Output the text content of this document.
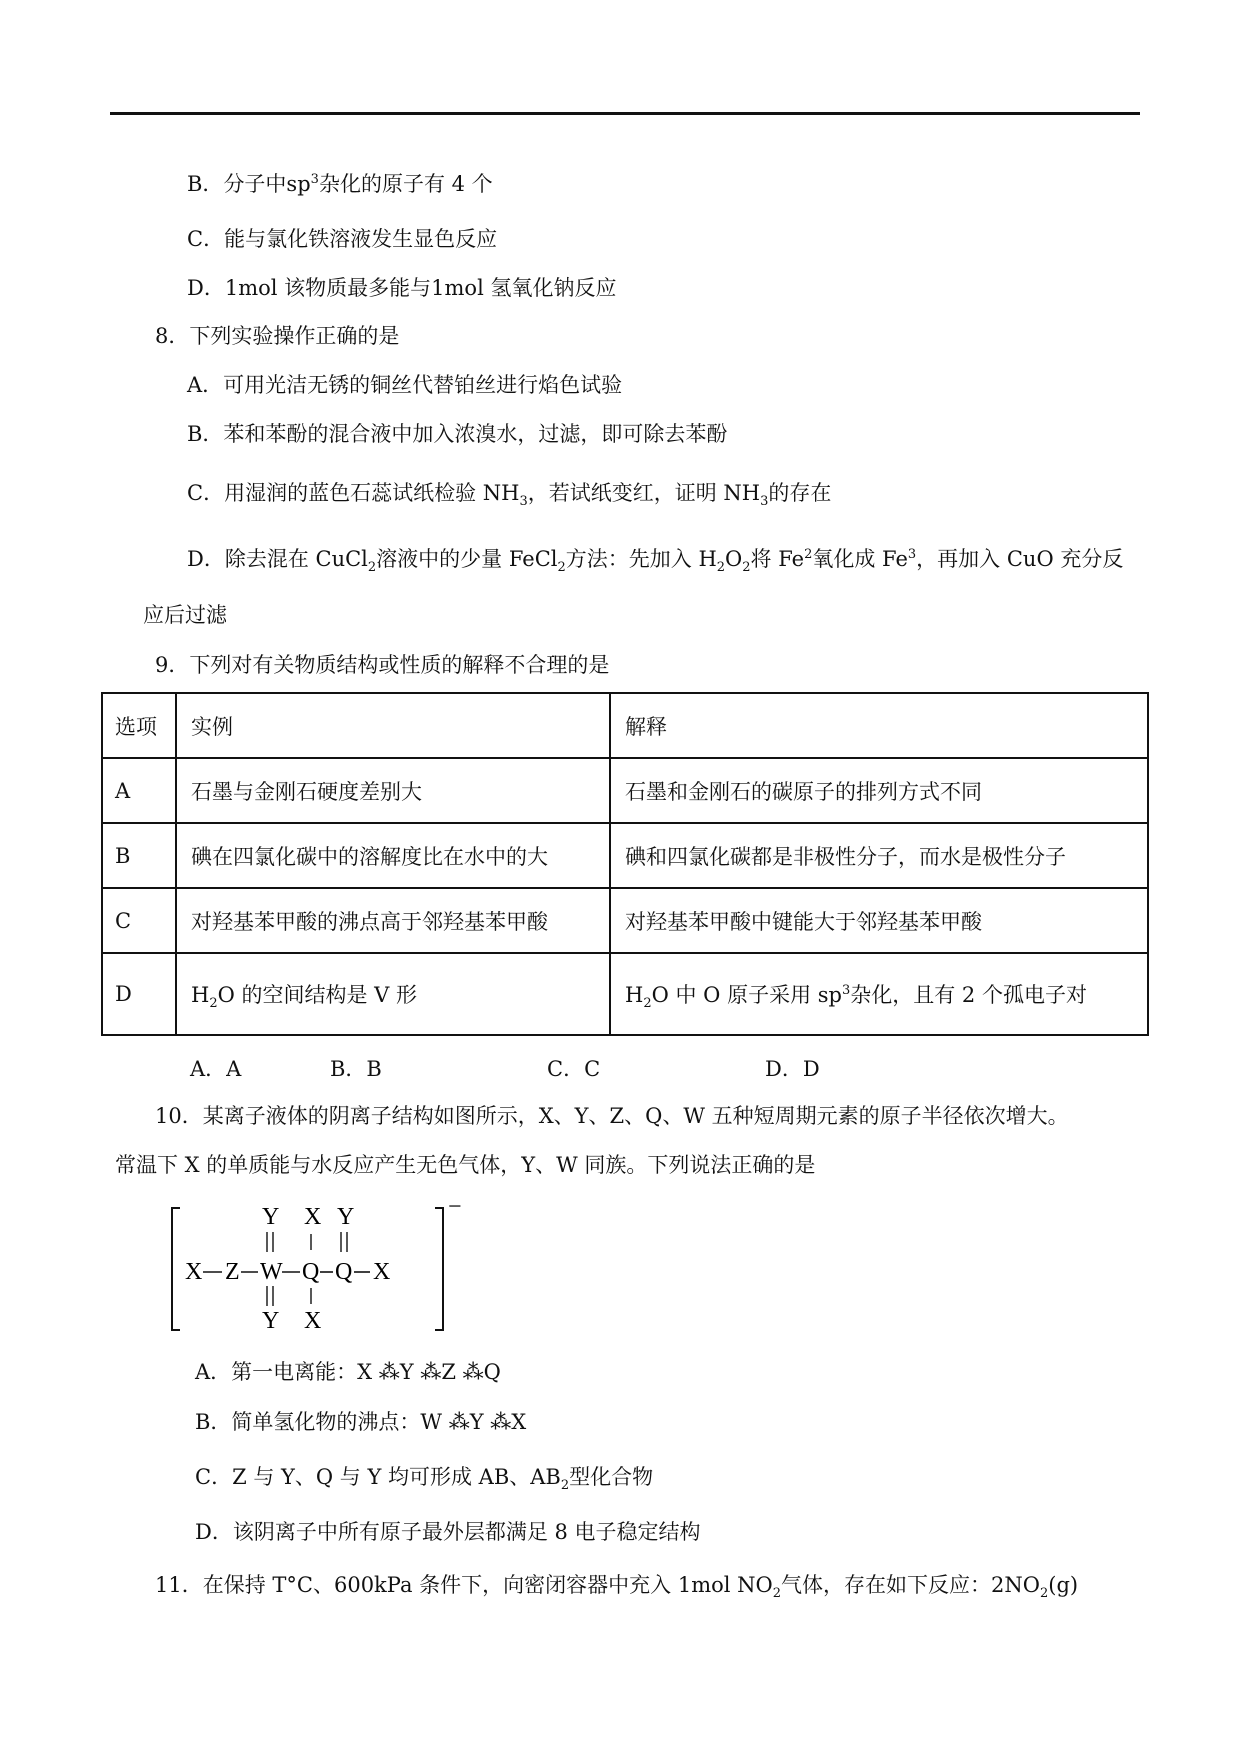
B．分子中$sp^3$杂化的原子有 4 个
C．能与氯化铁溶液发生显色反应
D．1mol 该物质最多能与1mol 氢氧化钠反应
8．下列实验操作正确的是
A．可用光洁无锈的铜丝代替铂丝进行焰色试验
B．苯和苯酚的混合液中加入浓溴水，过滤，即可除去苯酚
C．用湿润的蓝色石蕊试纸检验 $NH_3$，若试纸变红，证明 $NH_3$的存在
D．除去混在 CuCl$_2$溶液中的少量 FeCl$_2$方法：先加入 $H_2O_2$将 Fe$^2$氧化成 Fe$^3$，再加入 CuO 充分反
应后过滤
9．下列对有关物质结构或性质的解释不合理的是
选项	实例	解释
A	石墨与金刚石硬度差别大	石墨和金刚石的碳原子的排列方式不同
B	碘在四氯化碳中的溶解度比在水中的大	碘和四氯化碳都是非极性分子，而水是极性分子
C	对羟基苯甲酸的沸点高于邻羟基苯甲酸	对羟基苯甲酸中键能大于邻羟基苯甲酸
D	$H_2O$ 的空间结构是 V 形	$H_2O$ 中 O 原子采用 $sp^3$杂化，且有 2 个孤电子对
A．A	B．B	C．C	D．D
10．某离子液体的阴离子结构如图所示，X、Y、Z、Q、W 五种短周期元素的原子半径依次增大。
常温下 X 的单质能与水反应产生无色气体，Y、W 同族。下列说法正确的是
−
X Z W Q Q X
Y X Y
Y X
A．第一电离能：X ⁂Y ⁂Z ⁂Q
B．简单氢化物的沸点：W ⁂Y ⁂X
C．Z 与 Y、Q 与 Y 均可形成 AB、$AB_2$型化合物
D．该阴离子中所有原子最外层都满足 8 电子稳定结构
11．在保持 T°C、600kPa 条件下，向密闭容器中充入 1mol $NO_2$气体，存在如下反应：$2NO_2(g)$
